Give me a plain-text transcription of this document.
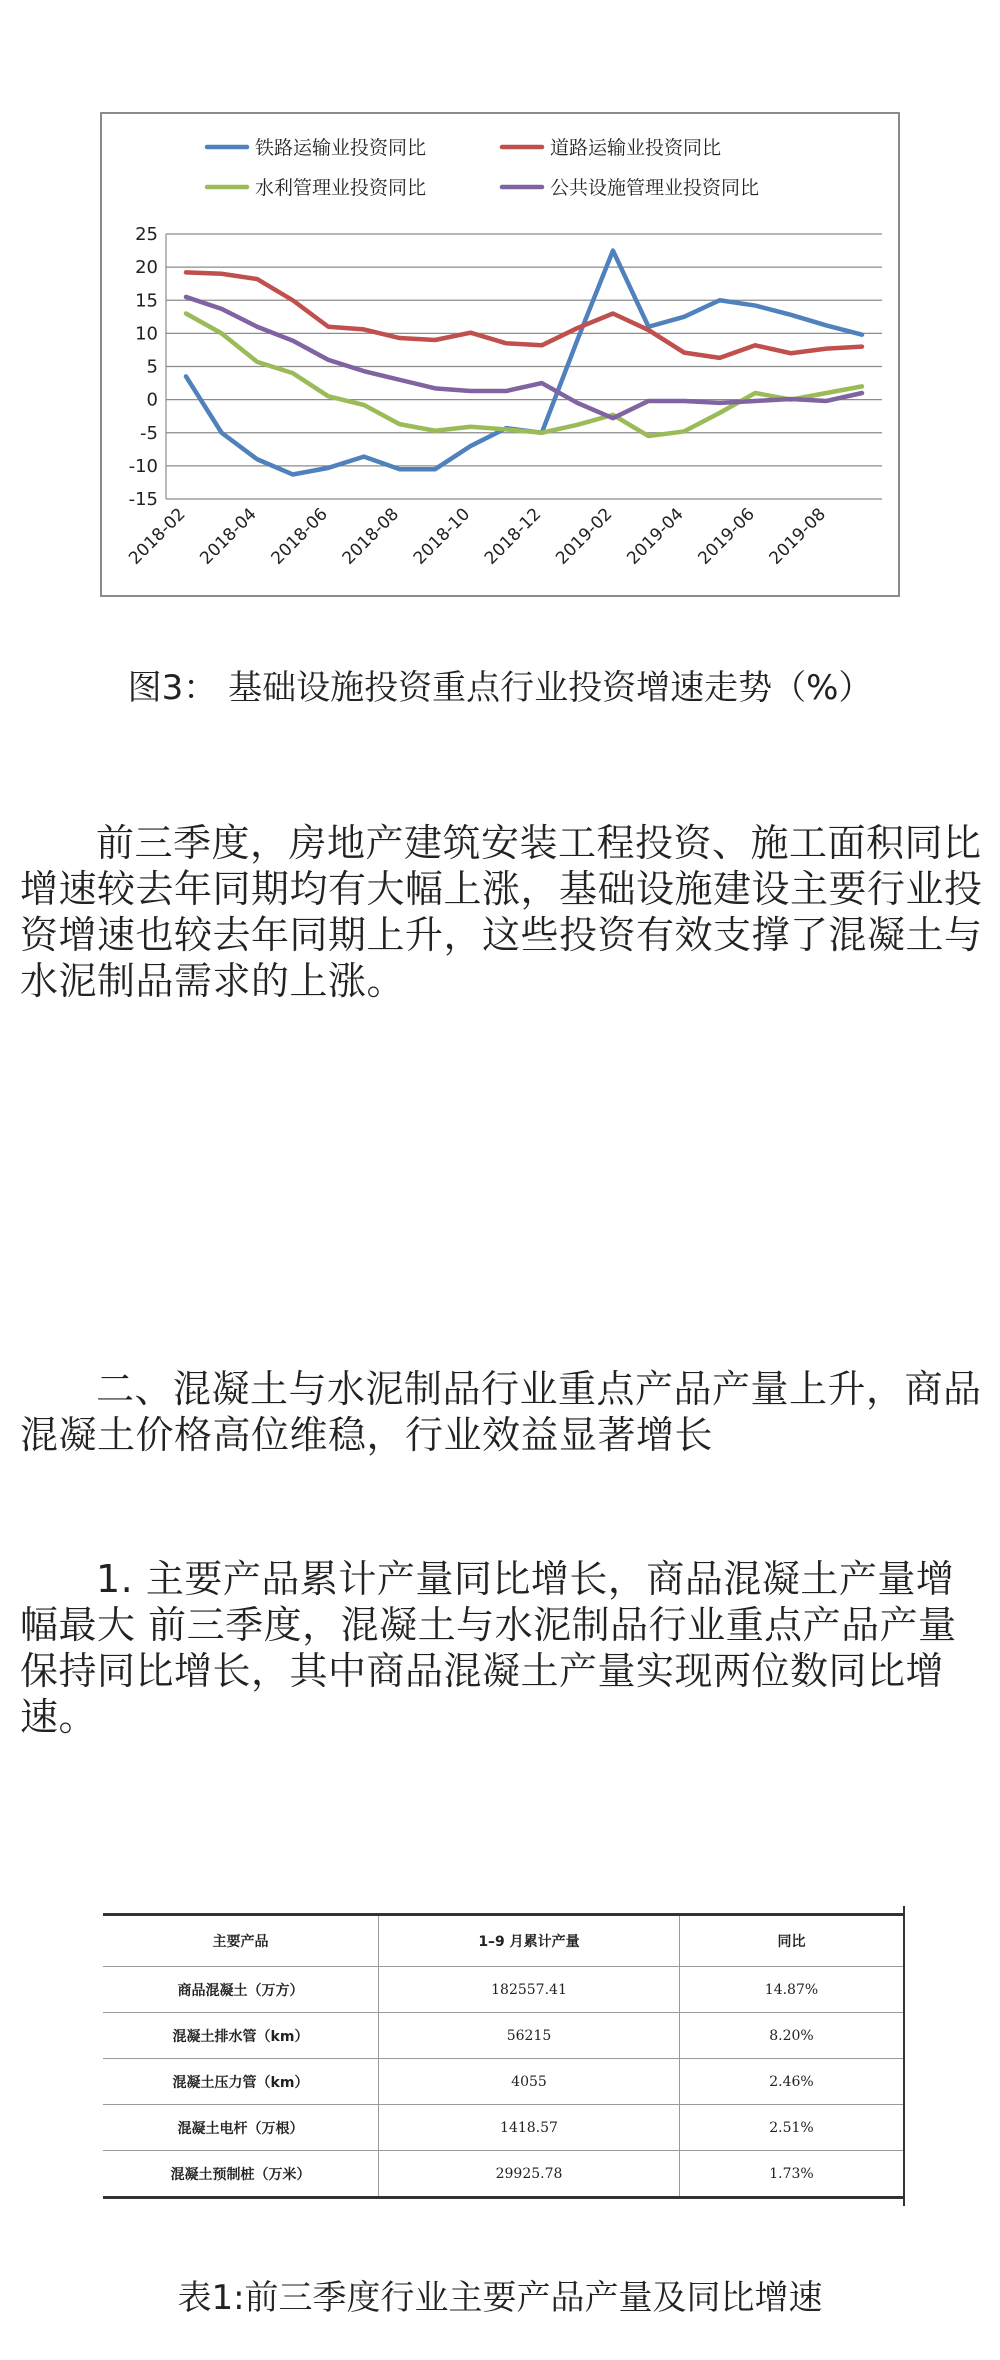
25
20
15
10
5
0
-5
-10
-15
2018-02 2018-04 2018-06 2018-08 2018-10 2018-12 2019-02 2019-04 2019-06 2019-08
铁路运输业投资同比	道路运输业投资同比
水利管理业投资同比	公共设施管理业投资同比
图3： 基础设施投资重点行业投资增速走势（%）
前三季度，房地产建筑安装工程投资、施工面积同比增速较去年同期均有大幅上涨，基础设施建设主要行业投资增速也较去年同期上升，这些投资有效支撑了混凝土与水泥制品需求的上涨。
二、混凝土与水泥制品行业重点产品产量上升，商品混凝土价格高位维稳，行业效益显著增长
1. 主要产品累计产量同比增长，商品混凝土产量增幅最大 前三季度，混凝土与水泥制品行业重点产品产量保持同比增长，其中商品混凝土产量实现两位数同比增速。
主要产品	1–9 月累计产量	同比
商品混凝土（万方）	182557.41	14.87%
混凝土排水管（km）	56215	8.20%
混凝土压力管（km）	4055	2.46%
混凝土电杆（万根）	1418.57	2.51%
混凝土预制桩（万米）	29925.78	1.73%
表1:前三季度行业主要产品产量及同比增速
